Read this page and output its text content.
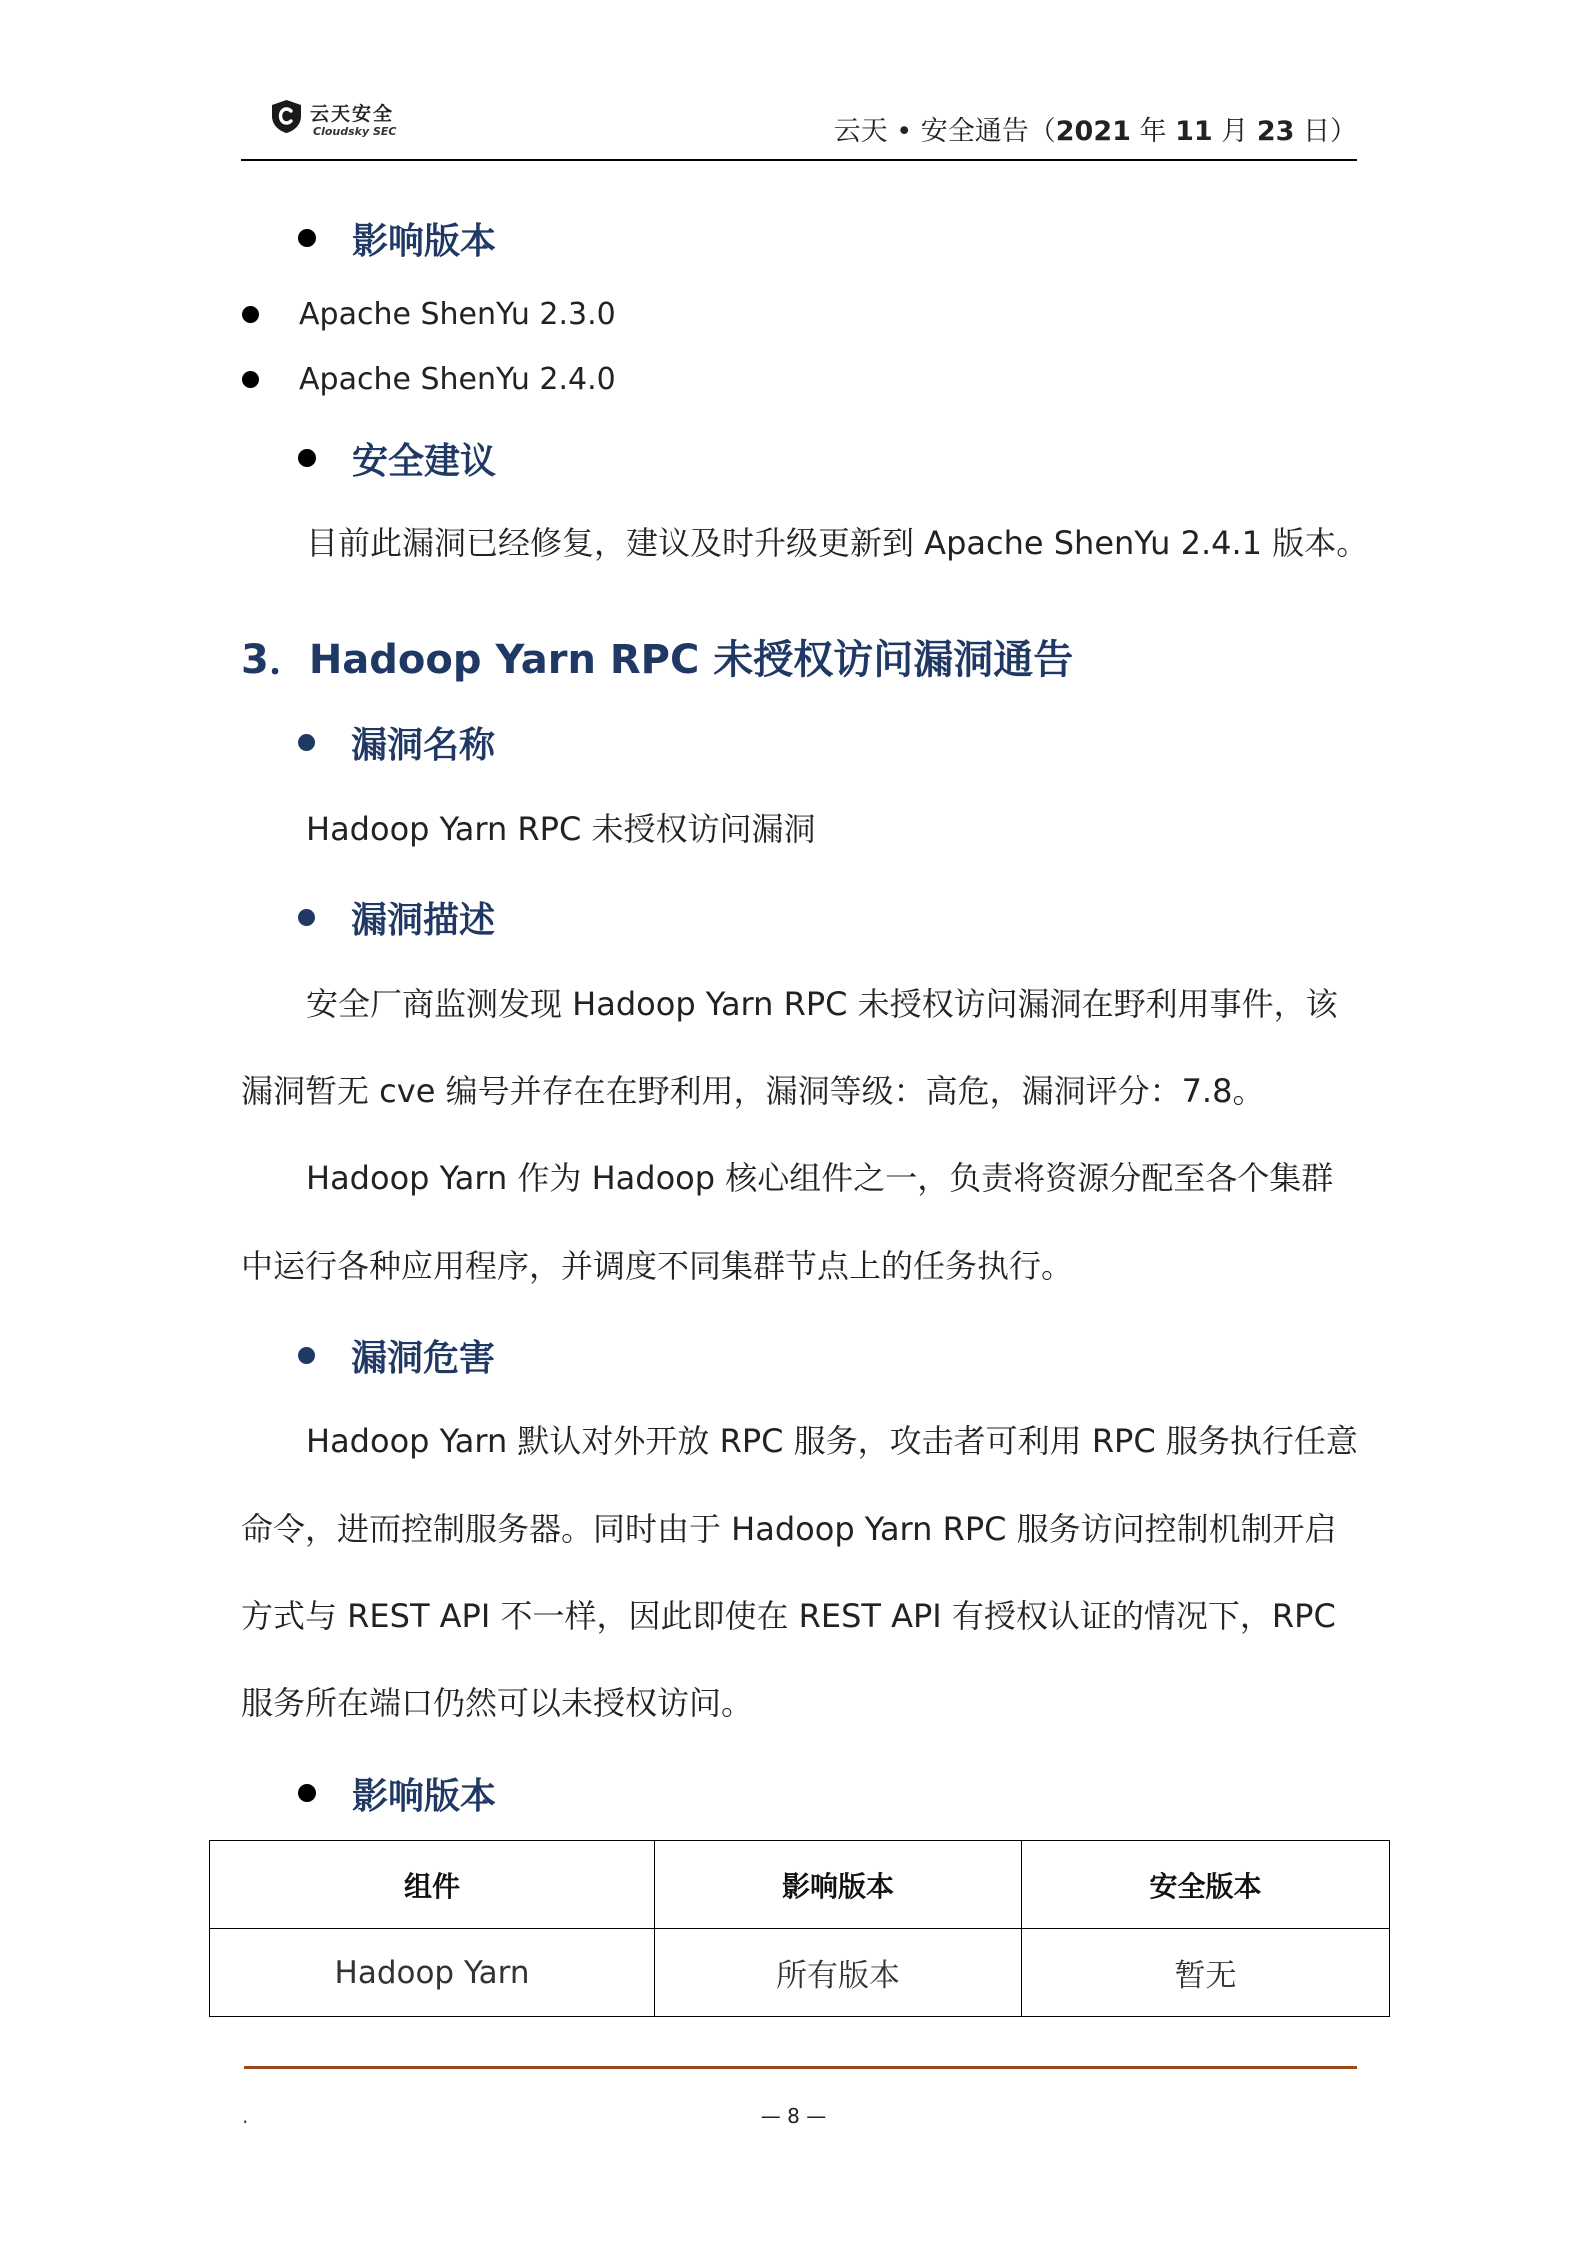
云天安全
Cloudsky SEC	云天 • 安全通告（2021 年 11 月 23 日）
影响版本
Apache ShenYu 2.3.0
Apache ShenYu 2.4.0
安全建议
目前此漏洞已经修复，建议及时升级更新到 Apache ShenYu 2.4.1 版本。
3．Hadoop Yarn RPC 未授权访问漏洞通告
漏洞名称
Hadoop Yarn RPC 未授权访问漏洞
漏洞描述
安全厂商监测发现 Hadoop Yarn RPC 未授权访问漏洞在野利用事件，该
漏洞暂无 cve 编号并存在在野利用，漏洞等级：高危，漏洞评分：7.8。
Hadoop Yarn 作为 Hadoop 核心组件之一，负责将资源分配至各个集群
中运行各种应用程序，并调度不同集群节点上的任务执行。
漏洞危害
Hadoop Yarn 默认对外开放 RPC 服务，攻击者可利用 RPC 服务执行任意
命令，进而控制服务器。同时由于 Hadoop Yarn RPC 服务访问控制机制开启
方式与 REST API 不一样，因此即使在 REST API 有授权认证的情况下，RPC
服务所在端口仍然可以未授权访问。
影响版本
组件	影响版本	安全版本
Hadoop Yarn	所有版本	暂无
.	— 8 —
